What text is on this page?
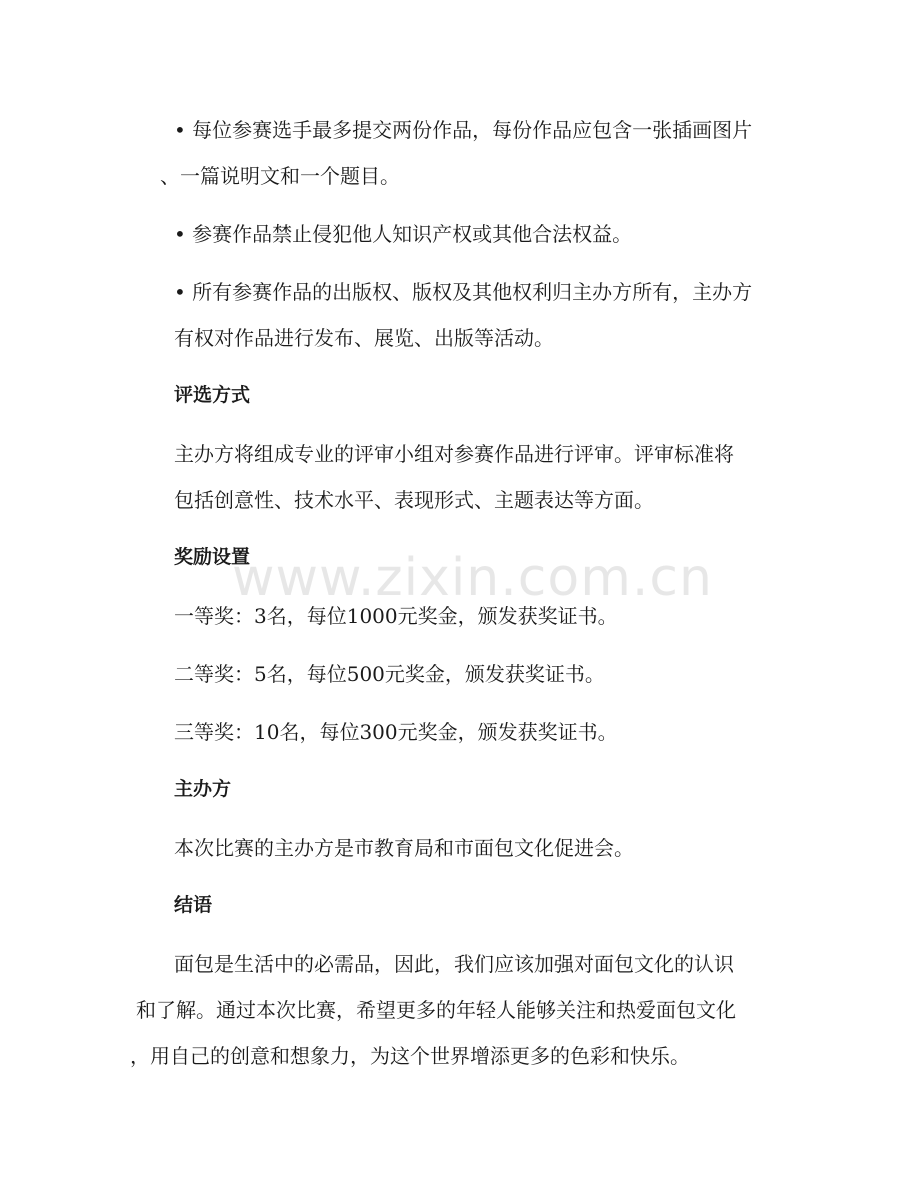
www.zixin.com.cn
• 每位参赛选手最多提交两份作品，每份作品应包含一张插画图片
、一篇说明文和一个题目。
• 参赛作品禁止侵犯他人知识产权或其他合法权益。
• 所有参赛作品的出版权、版权及其他权利归主办方所有，主办方
有权对作品进行发布、展览、出版等活动。
评选方式
主办方将组成专业的评审小组对参赛作品进行评审。评审标准将
包括创意性、技术水平、表现形式、主题表达等方面。
奖励设置
一等奖：3名，每位1000元奖金，颁发获奖证书。
二等奖：5名，每位500元奖金，颁发获奖证书。
三等奖：10名，每位300元奖金，颁发获奖证书。
主办方
本次比赛的主办方是市教育局和市面包文化促进会。
结语
面包是生活中的必需品，因此，我们应该加强对面包文化的认识
和了解。通过本次比赛，希望更多的年轻人能够关注和热爱面包文化
，用自己的创意和想象力，为这个世界增添更多的色彩和快乐。
